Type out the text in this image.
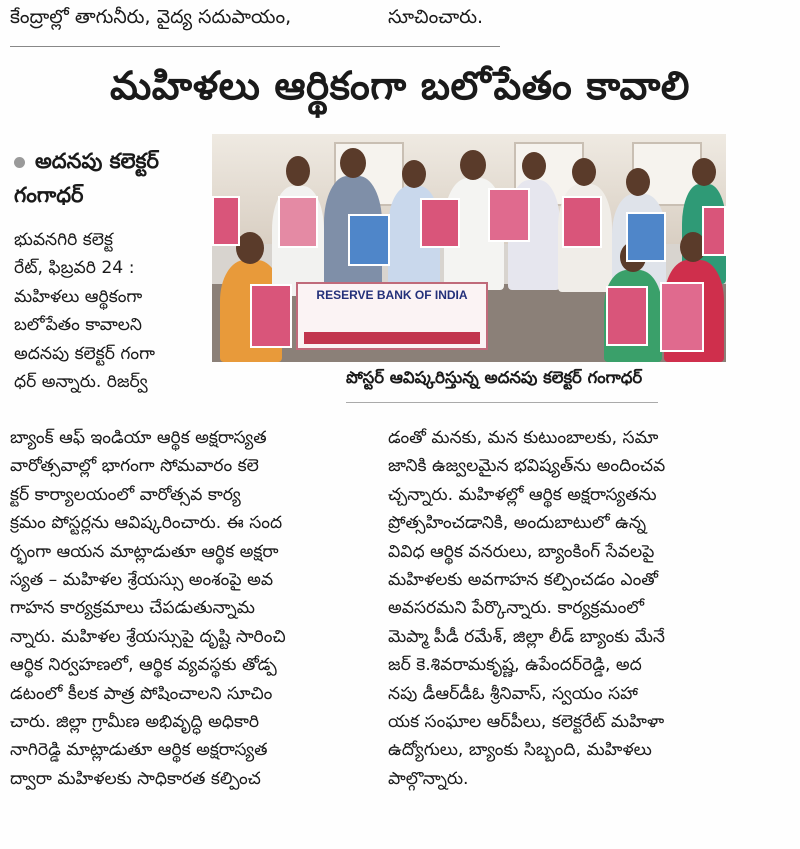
కేంద్రాల్లో తాగునీరు, వైద్య సదుపాయం,	సూచించారు.
మహిళలు ఆర్థికంగా బలోపేతం కావాలి
అదనపు కలెక్టర్
గంగాధర్
RESERVE BANK OF INDIA
పోస్టర్ ఆవిష్కరిస్తున్న అదనపు కలెక్టర్ గంగాధర్

భువనగిరి కలెక్ట

రేట్, ఫిబ్రవరి 24 :

మహిళలు ఆర్థికంగా

బలోపేతం కావాలని

అదనపు కలెక్టర్ గంగా

ధర్ అన్నారు. రిజర్వ్

బ్యాంక్ ఆఫ్ ఇండియా ఆర్థిక అక్షరాస్యత

వారోత్సవాల్లో భాగంగా సోమవారం కలె

క్టర్ కార్యాలయంలో వారోత్సవ కార్య

క్రమం పోస్టర్లను ఆవిష్కరించారు. ఈ సంద

ర్భంగా ఆయన మాట్లాడుతూ ఆర్థిక అక్షరా

స్యత – మహిళల శ్రేయస్సు అంశంపై అవ

గాహన కార్యక్రమాలు చేపడుతున్నామ

న్నారు. మహిళల శ్రేయస్సుపై దృష్టి సారించి

ఆర్థిక నిర్వహణలో, ఆర్థిక వ్యవస్థకు తోడ్ప

డటంలో కీలక పాత్ర పోషించాలని సూచిం

చారు. జిల్లా గ్రామీణ అభివృద్ధి అధికారి

నాగిరెడ్డి మాట్లాడుతూ ఆర్థిక అక్షరాస్యత

ద్వారా మహిళలకు సాధికారత కల్పించ

డంతో మనకు, మన కుటుంబాలకు, సమా

జానికి ఉజ్వలమైన భవిష్యత్‌ను అందించవ

చ్చన్నారు. మహిళల్లో ఆర్థిక అక్షరాస్యతను

ప్రోత్సహించడానికి, అందుబాటులో ఉన్న

వివిధ ఆర్థిక వనరులు, బ్యాంకింగ్ సేవలపై

మహిళలకు అవగాహన కల్పించడం ఎంతో

అవసరమని పేర్కొన్నారు. కార్యక్రమంలో

మెప్మా పీడీ రమేశ్, జిల్లా లీడ్ బ్యాంకు మేనే

జర్ కె.శివరామకృష్ణ, ఉపేందర్‌రెడ్డి, అద

నపు డీఆర్‌డీఓ శ్రీనివాస్, స్వయం సహా

యక సంఘాల ఆర్‌పీలు, కలెక్టరేట్ మహిళా

ఉద్యోగులు, బ్యాంకు సిబ్బంది, మహిళలు

పాల్గొన్నారు.
